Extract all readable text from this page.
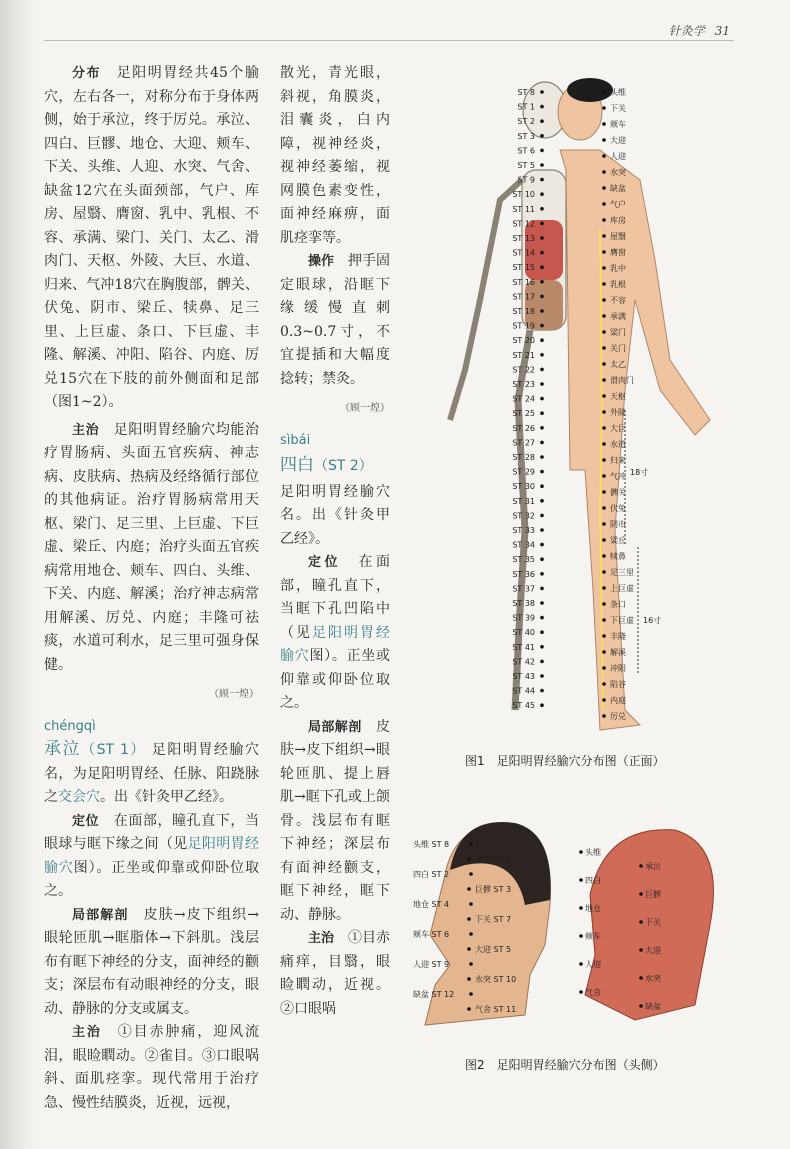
针灸学 31
分布　 足阳明胃经共45个腧穴，左右各一，对称分布于身体两侧，始于承泣，终于厉兑。承泣、四白、巨髎、地仓、大迎、颊车、下关、头维、人迎、水突、气舍、缺盆12穴在头面颈部，气户、库房、屋翳、膺窗、乳中、乳根、不容、承满、梁门、关门、太乙、滑肉门、天枢、外陵、大巨、水道、归来、气冲18穴在胸腹部，髀关、伏兔、阴市、梁丘、犊鼻、足三里、上巨虚、条口、下巨虚、丰隆、解溪、冲阳、陷谷、内庭、厉兑15穴在下肢的前外侧面和足部（图1~2）。
主治　 足阳明胃经腧穴均能治疗胃肠病、头面五官疾病、神志病、皮肤病、热病及经络循行部位的其他病证。治疗胃肠病常用天枢、梁门、足三里、上巨虚、下巨虚、梁丘、内庭；治疗头面五官疾病常用地仓、颊车、四白、头维、下关、内庭、解溪；治疗神志病常用解溪、厉兑、内庭；丰隆可祛痰，水道可利水，足三里可强身保健。
（顾一煌）
chéngqì
承泣（ST 1） 足阳明胃经腧穴名，为足阳明胃经、任脉、阳跷脉之交会穴。出《针灸甲乙经》。
定位　 在面部，瞳孔直下，当眼球与眶下缘之间（见足阳明胃经腧穴图）。正坐或仰靠或仰卧位取之。
局部解剖　 皮肤→皮下组织→眼轮匝肌→眶脂体→下斜肌。浅层布有眶下神经的分支，面神经的颧支；深层布有动眼神经的分支，眼动、静脉的分支或属支。
主治　 ①目赤肿痛，迎风流泪，眼睑瞤动。②雀目。③口眼㖞斜、面肌痉挛。现代常用于治疗急、慢性结膜炎，近视，远视，
散光，青光眼，斜视，角膜炎，泪囊炎，白内障，视神经炎，视神经萎缩，视网膜色素变性，面神经麻痹，面肌痉挛等。
操作　 押手固定眼球，沿眶下缘缓慢直刺0.3~0.7寸，不宜提插和大幅度捻转；禁灸。
（顾一煌）
sìbái
四白（ST 2）
足阳明胃经腧穴名。出《针灸甲乙经》。
定位　 在面部，瞳孔直下，当眶下孔凹陷中（见足阳明胃经腧穴图）。正坐或仰靠或仰卧位取之。
局部解剖　 皮肤→皮下组织→眼轮匝肌、提上唇肌→眶下孔或上颌骨。浅层布有眶下神经；深层布有面神经颧支，眶下神经，眶下动、静脉。
主治　 ①目赤痛痒，目翳，眼睑瞤动，近视。②口眼㖞
ST 8
ST 1
ST 2
ST 3
ST 6
ST 5
ST 9
ST 10
ST 11
ST 12
ST 13
ST 14
ST 15
ST 16
ST 17
ST 18
ST 19
ST 20
ST 21
ST 22
ST 23
ST 24
ST 25
ST 26
ST 27
ST 28
ST 29
ST 30
ST 31
ST 32
ST 33
ST 34
ST 35
ST 36
ST 37
ST 38
ST 39
ST 40
ST 41
ST 42
ST 43
ST 44
ST 45
头维
下关
颊车
大迎
人迎
水突
缺盆
气户
库房
屋翳
膺窗
乳中
乳根
不容
承满
梁门
关门
太乙
滑肉门
天枢
外陵
大巨
水道
归来
气冲
髀关
伏兔
阴市
梁丘
犊鼻
足三里
上巨虚
条口
下巨虚
丰隆
解溪
冲阳
陷谷
内庭
厉兑
18寸
16寸
图1　足阳明胃经腧穴分布图（正面）
头维 ST 8
承泣 ST 1
四白 ST 2
巨髎 ST 3
地仓 ST 4
下关 ST 7
颊车 ST 6
大迎 ST 5
人迎 ST 9
水突 ST 10
缺盆 ST 12
气舍 ST 11
头维
承泣
四白
巨髎
地仓
下关
颊车
大迎
人迎
水突
气舍
缺盆
图2　足阳明胃经腧穴分布图（头侧）
